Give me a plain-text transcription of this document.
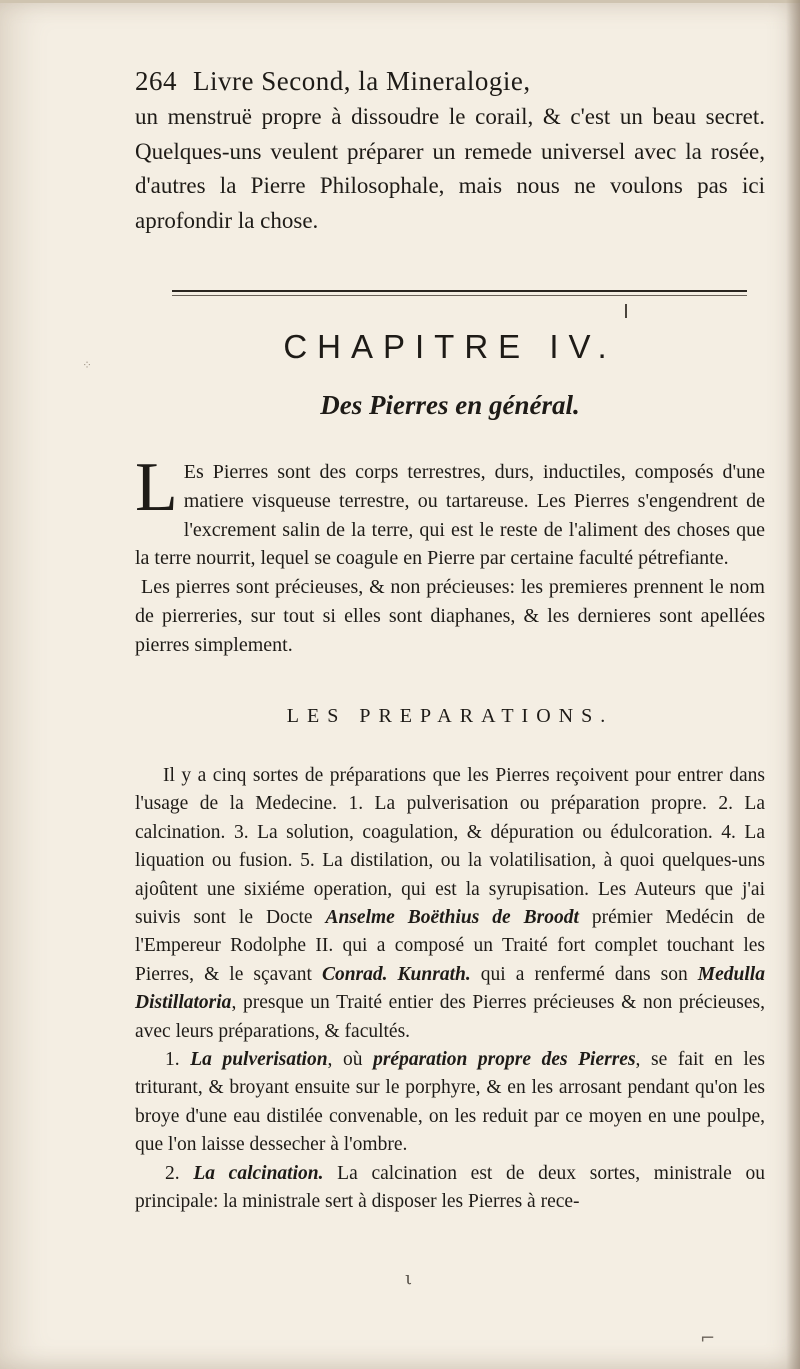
⁘
264 Livre Second, la Mineralogie,

un menstruë propre à dissoudre le corail, & c'est un beau secret. Quelques-uns veulent préparer un remede universel avec la rosée, d'autres la Pierre Philosophale, mais nous ne voulons pas ici aprofondir la chose.

CHAPITRE IV.
Des Pierres en général.

L Es Pierres sont des corps terrestres, durs, inductiles, composés d'une matiere visqueuse terrestre, ou tartareuse. Les Pierres s'engendrent de l'excrement salin de la terre, qui est le reste de l'aliment des choses que la terre nourrit, lequel se coagule en Pierre par certaine faculté pétrefiante.

Les pierres sont précieuses, & non précieuses: les premieres prennent le nom de pierreries, sur tout si elles sont diaphanes, & les dernieres sont apellées pierres simplement.

LES PREPARATIONS.

Il y a cinq sortes de préparations que les Pierres reçoivent pour entrer dans l'usage de la Medecine. 1. La pulverisation ou préparation propre. 2. La calcination. 3. La solution, coagulation, & dépuration ou édulcoration. 4. La liquation ou fusion. 5. La distilation, ou la volatilisation, à quoi quelques-uns ajoûtent une sixiéme operation, qui est la syrupisation. Les Auteurs que j'ai suivis sont le Docte Anselme Boëthius de Broodt prémier Medécin de l'Empereur Rodolphe II. qui a composé un Traité fort complet touchant les Pierres, & le sçavant Conrad. Kunrath. qui a renfermé dans son Medulla Distillatoria, presque un Traité entier des Pierres précieuses & non précieuses, avec leurs préparations, & facultés.

1. La pulverisation, où préparation propre des Pierres, se fait en les triturant, & broyant ensuite sur le porphyre, & en les arrosant pendant qu'on les broye d'une eau distilée convenable, on les reduit par ce moyen en une poulpe, que l'on laisse dessecher à l'ombre.

2. La calcination. La calcination est de deux sortes, ministrale ou principale: la ministrale sert à disposer les Pierres à rece-

ι
⌐
